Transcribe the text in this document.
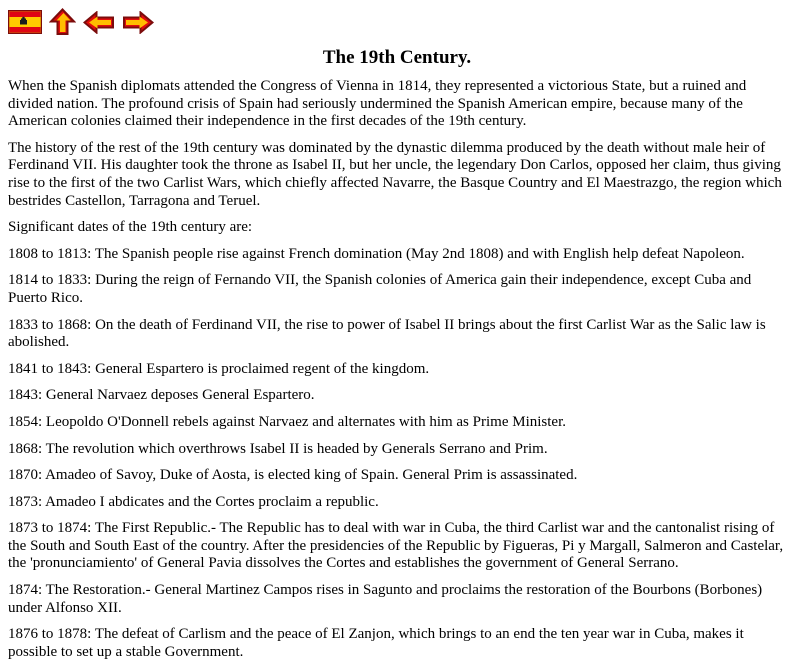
The 19th Century.

When the Spanish diplomats attended the Congress of Vienna in 1814, they represented a victorious State, but a ruined and divided nation. The profound crisis of Spain had seriously undermined the Spanish American empire, because many of the American colonies claimed their independence in the first decades of the 19th century.

The history of the rest of the 19th century was dominated by the dynastic dilemma produced by the death without male heir of Ferdinand VII. His daughter took the throne as Isabel II, but her uncle, the legendary Don Carlos, opposed her claim, thus giving rise to the first of the two Carlist Wars, which chiefly affected Navarre, the Basque Country and El Maestrazgo, the region which bestrides Castellon, Tarragona and Teruel.

Significant dates of the 19th century are:

1808 to 1813: The Spanish people rise against French domination (May 2nd 1808) and with English help defeat Napoleon.

1814 to 1833: During the reign of Fernando VII, the Spanish colonies of America gain their independence, except Cuba and Puerto Rico.

1833 to 1868: On the death of Ferdinand VII, the rise to power of Isabel II brings about the first Carlist War as the Salic law is abolished.

1841 to 1843: General Espartero is proclaimed regent of the kingdom.

1843: General Narvaez deposes General Espartero.

1854: Leopoldo O'Donnell rebels against Narvaez and alternates with him as Prime Minister.

1868: The revolution which overthrows Isabel II is headed by Generals Serrano and Prim.

1870: Amadeo of Savoy, Duke of Aosta, is elected king of Spain. General Prim is assassinated.

1873: Amadeo I abdicates and the Cortes proclaim a republic.

1873 to 1874: The First Republic.- The Republic has to deal with war in Cuba, the third Carlist war and the cantonalist rising of the South and South East of the country. After the presidencies of the Republic by Figueras, Pi y Margall, Salmeron and Castelar, the 'pronunciamiento' of General Pavia dissolves the Cortes and establishes the government of General Serrano.

1874: The Restoration.- General Martinez Campos rises in Sagunto and proclaims the restoration of the Bourbons (Borbones) under Alfonso XII.

1876 to 1878: The defeat of Carlism and the peace of El Zanjon, which brings to an end the ten year war in Cuba, makes it possible to set up a stable Government.
